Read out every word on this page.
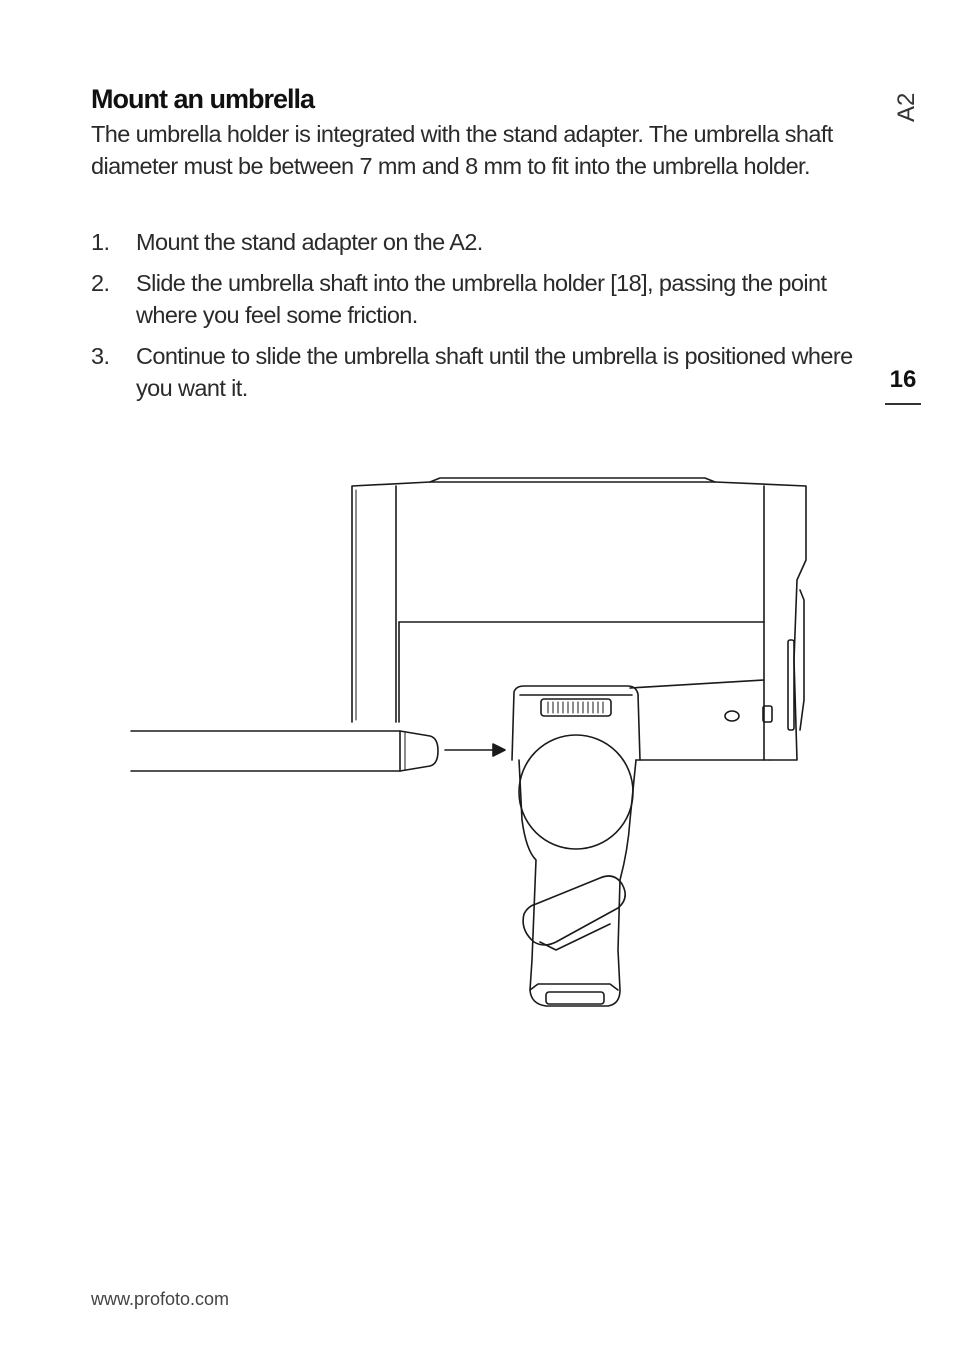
Mount an umbrella

The umbrella holder is integrated with the stand adapter. The umbrella shaft diameter must be between 7 mm and 8 mm to fit into the umbrella holder.

1. Mount the stand adapter on the A2.
2. Slide the umbrella shaft into the umbrella holder [18], passing the point where you feel some friction.
3. Continue to slide the umbrella shaft until the umbrella is positioned where you want it.
A2
16
www.profoto.com
